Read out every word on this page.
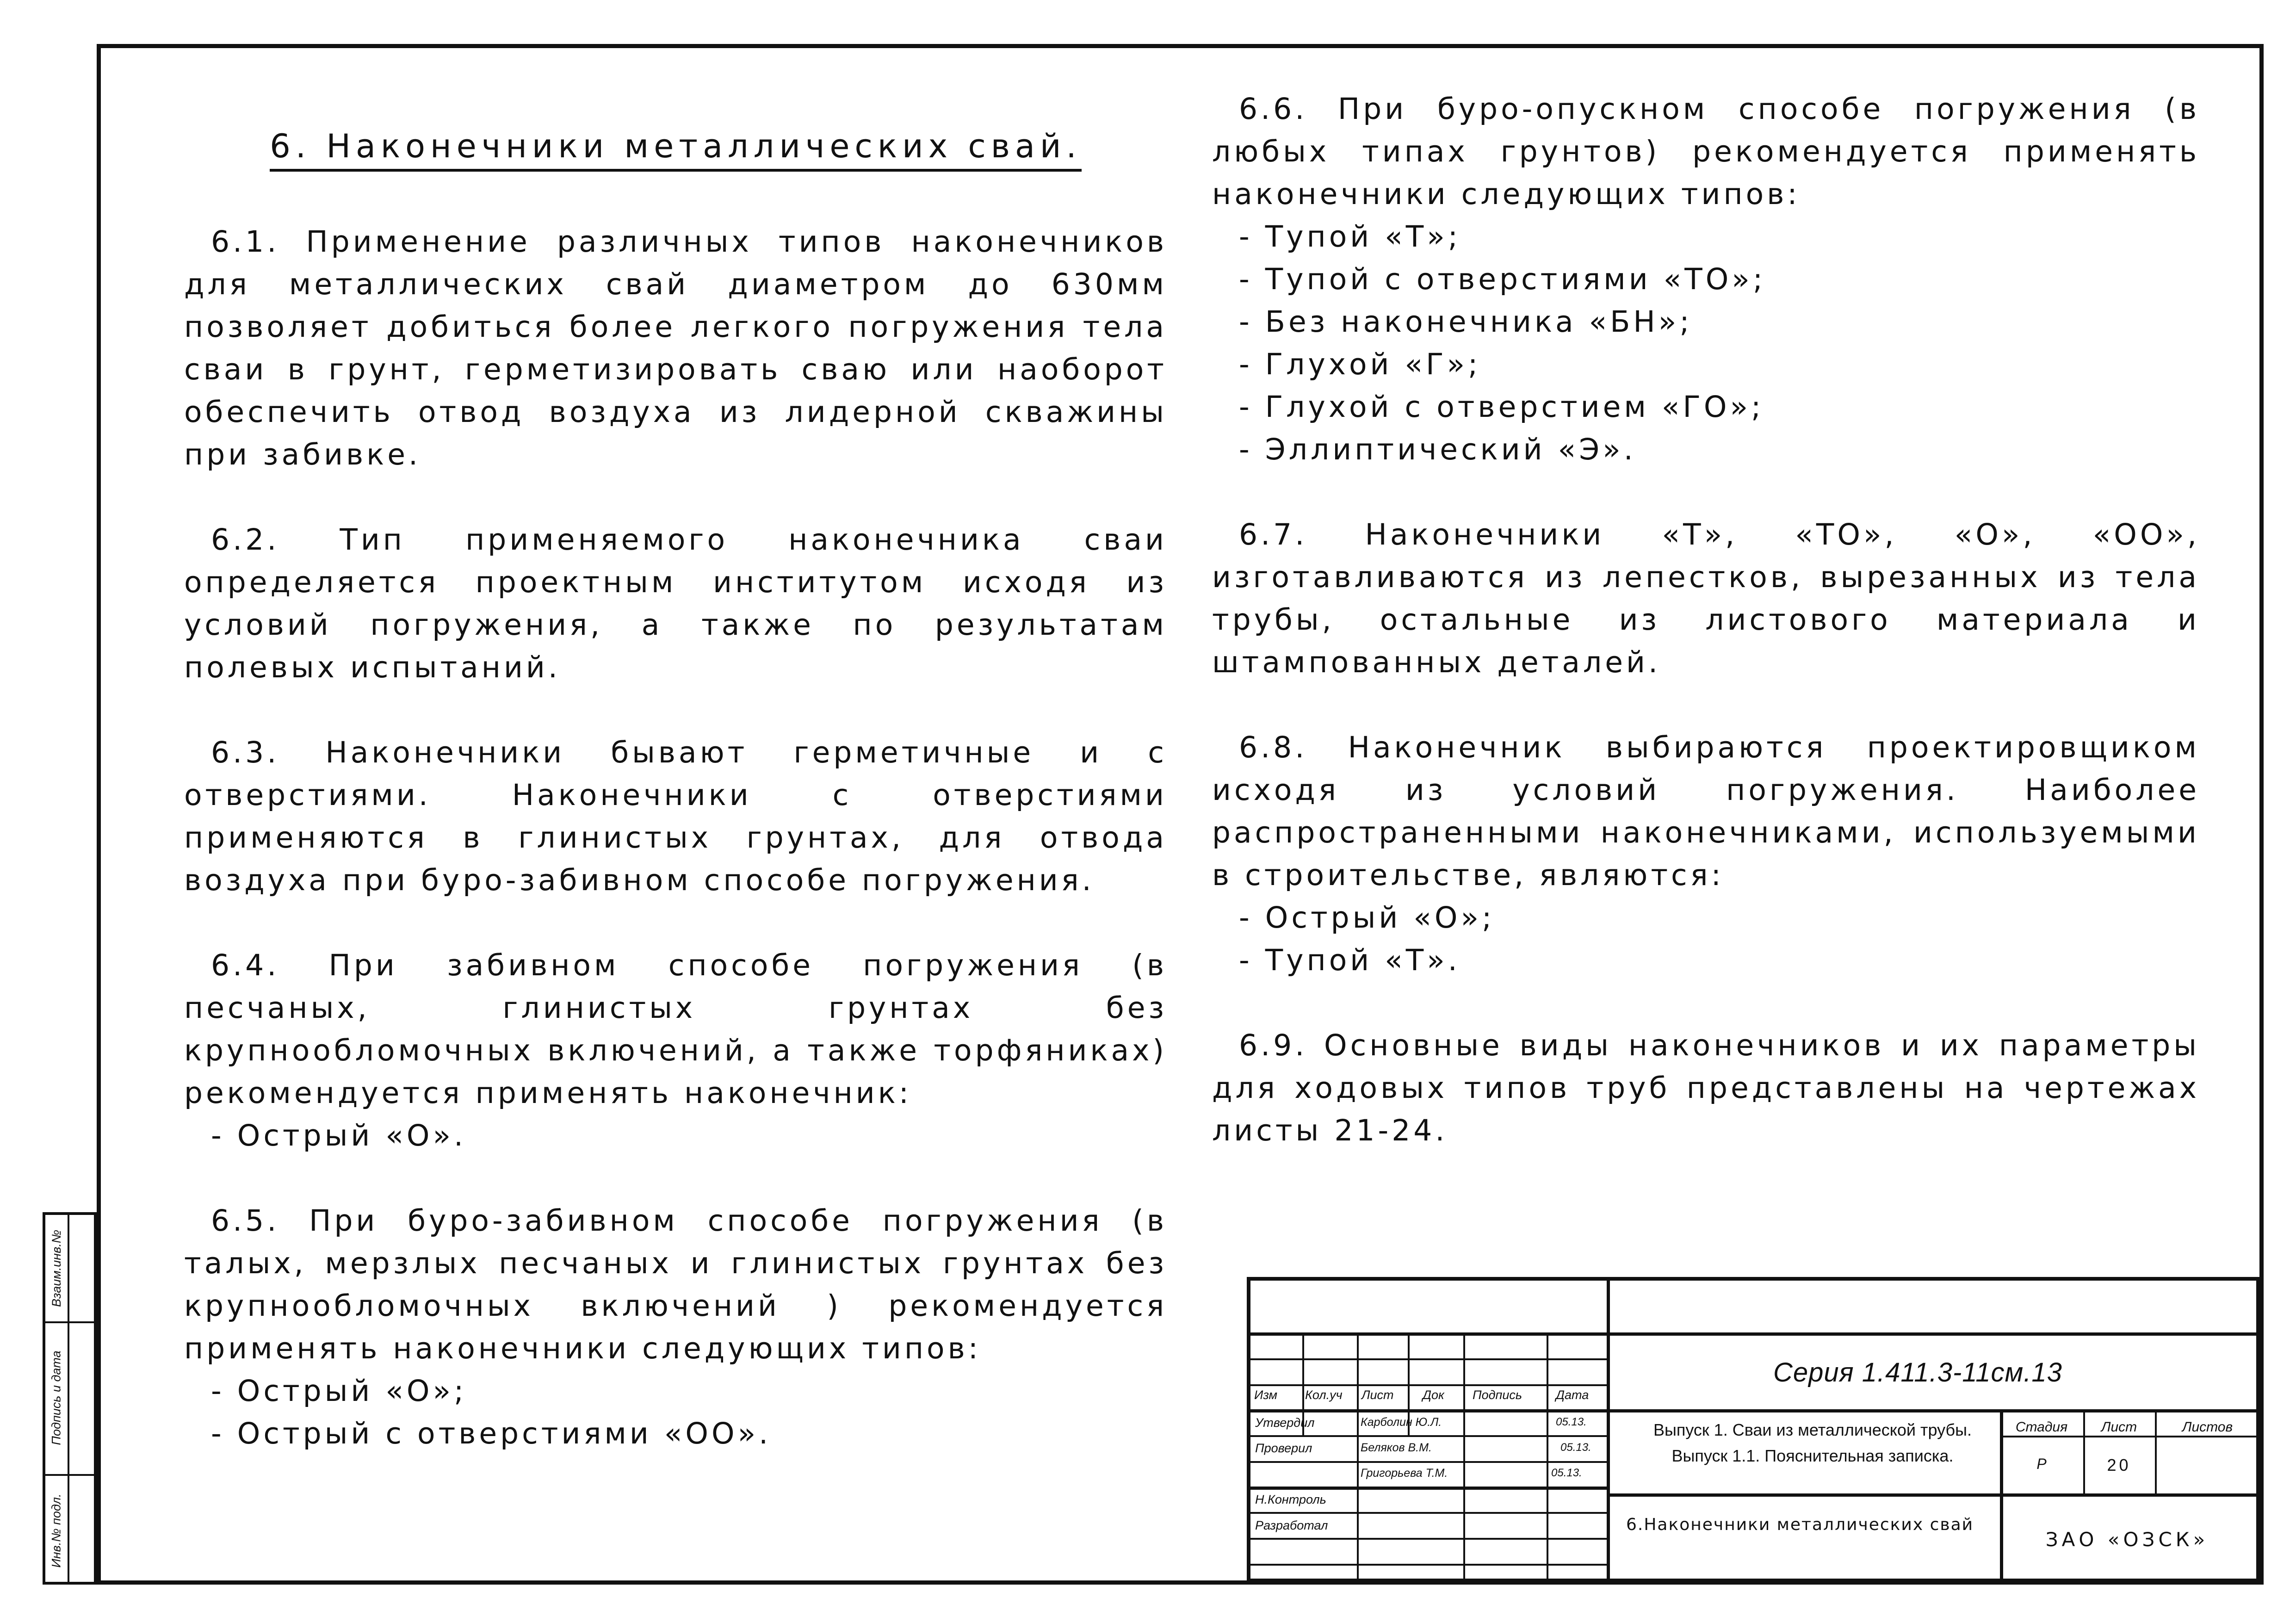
6. Наконечники металлических свай.
6.1. Применение различных типов наконечников для металлических свай диаметром до 630мм позволяет добиться более легкого погружения тела сваи в грунт, герметизировать сваю или наоборот обеспечить отвод воздуха из лидерной скважины при забивке.
6.2. Тип применяемого наконечника сваи определяется проектным институтом исходя из условий погружения, а также по результатам полевых испытаний.
6.3. Наконечники бывают герметичные и с отверстиями. Наконечники с отверстиями применяются в глинистых грунтах, для отвода воздуха при буро-забивном способе погружения.
6.4. При забивном способе погружения (в песчаных, глинистых грунтах без крупнообломочных включений, а также торфяниках) рекомендуется применять наконечник:
- Острый «О».
6.5. При буро-забивном способе погружения (в талых, мерзлых песчаных и глинистых грунтах без крупнообломочных включений ) рекомендуется применять наконечники следующих типов:
- Острый «О»;
- Острый с отверстиями «ОО».
6.6. При буро-опускном способе погружения (в любых типах грунтов) рекомендуется применять наконечники следующих типов:
- Тупой «Т»;
- Тупой с отверстиями «ТО»;
- Без наконечника «БН»;
- Глухой «Г»;
- Глухой с отверстием «ГО»;
- Эллиптический «Э».
6.7. Наконечники «Т», «ТО», «О», «ОО», изготавливаются из лепестков, вырезанных из тела трубы, остальные из листового материала и штампованных деталей.
6.8. Наконечник выбираются проектировщиком исходя из условий погружения. Наиболее распространенными наконечниками, используемыми в строительстве, являются:
- Острый «О»;
- Тупой «Т».
6.9. Основные виды наконечников и их параметры для ходовых типов труб представлены на чертежах листы 21-24.
Взаим.инв.№
Подпись и дата
Инв.№ подл.
Изм Кол.уч Лист Док Подпись	Дата
Утвердил	Карболин Ю.Л.	05.13.
Проверил	Беляков В.М.	05.13.
Григорьева Т.М.	05.13.
Н.Контроль
Разработал
Серия 1.411.3-11см.13
Выпуск 1. Сваи из металлической трубы.
Выпуск 1.1. Пояснительная записка.
Стадия	Лист	Листов
Р	20
6.Наконечники металлических свай
ЗАО «ОЗСК»
